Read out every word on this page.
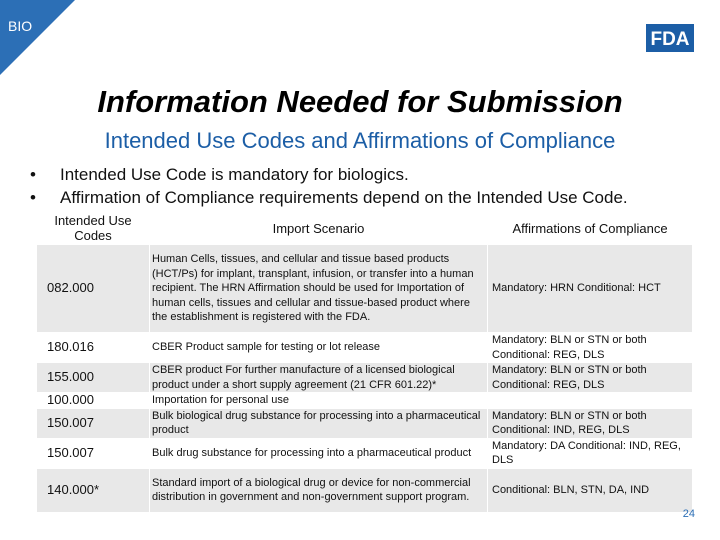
BIO
FDA
Information Needed for Submission
Intended Use Codes and Affirmations of Compliance
• Intended Use Code is mandatory for biologics.
• Affirmation of Compliance requirements depend on the Intended Use Code.
Intended Use Codes	Import Scenario	Affirmations of Compliance
082.000	Human Cells, tissues, and cellular and tissue based products (HCT/Ps) for implant, transplant, infusion, or transfer into a human recipient. The HRN Affirmation should be used for Importation of human cells, tissues and cellular and tissue-based product where the establishment is registered with the FDA.	Mandatory: HRN Conditional: HCT
180.016	CBER Product sample for testing or lot release	Mandatory: BLN or STN or both Conditional: REG, DLS
155.000	CBER product For further manufacture of a licensed biological product under a short supply agreement (21 CFR 601.22)*	Mandatory: BLN or STN or both Conditional: REG, DLS
100.000	Importation for personal use	
150.007	Bulk biological drug substance for processing into a pharmaceutical product	Mandatory: BLN or STN or both Conditional: IND, REG, DLS
150.007	Bulk drug substance for processing into a pharmaceutical product	Mandatory: DA Conditional: IND, REG, DLS
140.000*	Standard import of a biological drug or device for non-commercial distribution in government and non-government support program.	Conditional: BLN, STN, DA, IND
24
